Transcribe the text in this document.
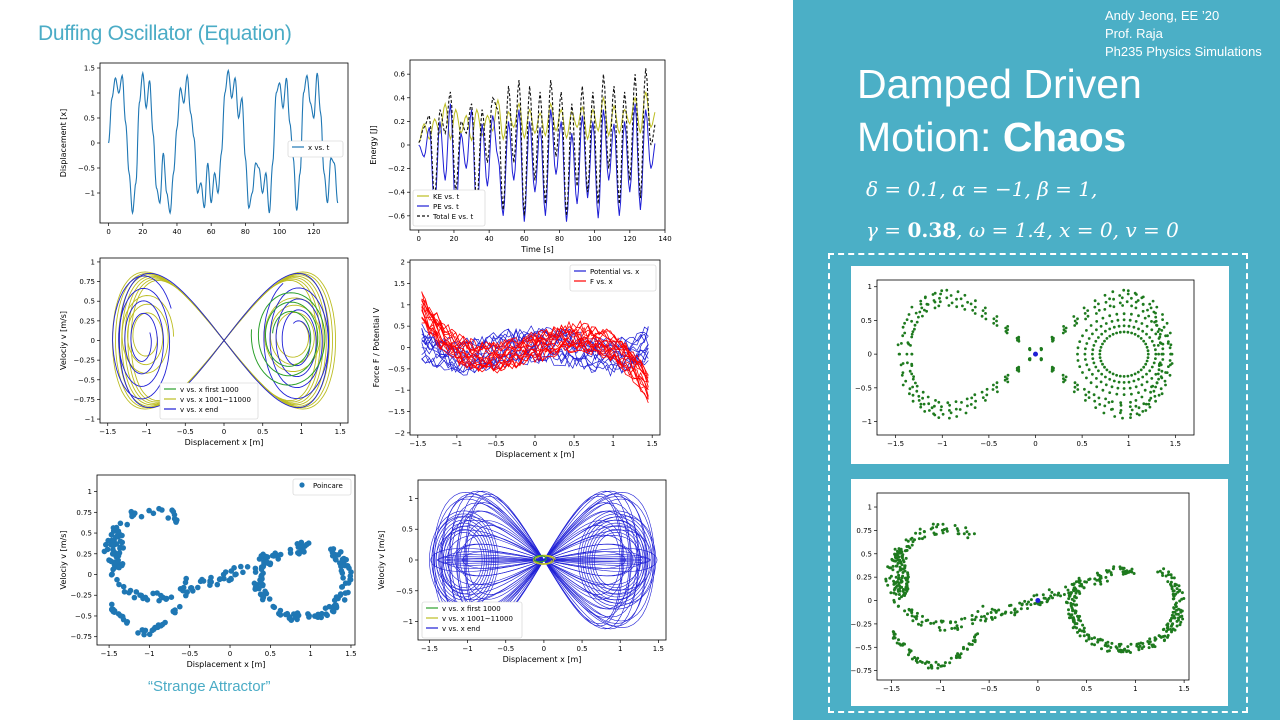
Duffing Oscillator (Equation)
0	20	40	60	80	100	120
1.5
1
0.5
0
−0.5
−1
Displacement [x]	x vs. t
0	20	40	60	80	100	120	140
0.6
0.4
0.2
0
−0.2
−0.4
−0.6
Time [s]
Energy [J]
KE vs. t
PE vs. t
Total E vs. t
−1.5	−1	−0.5	0	0.5	1	1.5
1
0.75
0.5
0.25
0
−0.25
−0.5
−0.75
−1
Displacement x [m]
Velociy v [m/s]
v vs. x first 1000
v vs. x 1001~11000
v vs. x end
−1.5	−1	−0.5	0	0.5	1	1.5
2
1.5
1
0.5
0
−0.5
−1
−1.5
−2
Displacement x [m]
Force F / Potential V
Potential vs. x
F vs. x
−1.5	−1	−0.5	0	0.5	1	1.5
1
0.75
0.5
0.25
0
−0.25
−0.5
−0.75
Displacement x [m]
Velociy v [m/s]
Poincare
−1.5	−1	−0.5	0	0.5	1	1.5
1
0.5
0
−0.5
−1
Displacement x [m]
Velociy v [m/s]
v vs. x first 1000
v vs. x 1001~11000
v vs. x end
“Strange Attractor”
Andy Jeong, EE ’20
Prof. Raja
Ph235 Physics Simulations
Damped Driven
Motion: Chaos
δ = 0.1, α = −1, β = 1,
γ = 0.38, ω = 1.4, x = 0, v = 0
−1.5	−1	−0.5	0	0.5	1	1.5
1
0.5
0
−0.5
−1
−1.5	−1	−0.5	0	0.5	1	1.5
1
0.75
0.5
0.25
0
−0.25
−0.5
−0.75
